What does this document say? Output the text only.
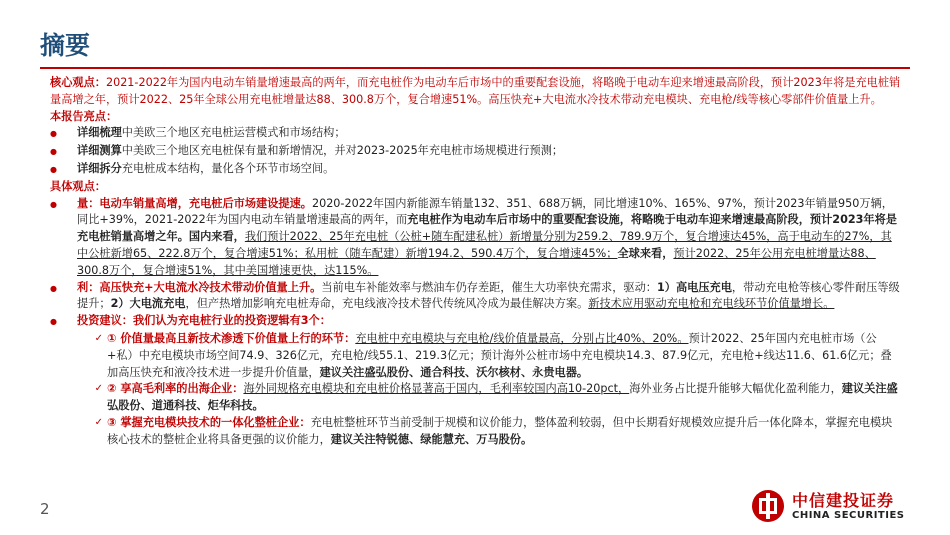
摘要

核心观点：2021-2022年为国内电动车销量增速最高的两年，而充电桩作为电动车后市场中的重要配套设施，将略晚于电动车迎来增速最高阶段，预计2023年将是充电桩销量高增之年，预计2022、25年全球公用充电桩增量达88、300.8万个，复合增速51%。高压快充+大电流水冷技术带动充电模块、充电枪/线等核心零部件价值量上升。

本报告亮点：

●	详细梳理中美欧三个地区充电桩运营模式和市场结构；
●	详细测算中美欧三个地区充电桩保有量和新增情况，并对2023-2025年充电桩市场规模进行预测；
●	详细拆分充电桩成本结构，量化各个环节市场空间。

具体观点：

●	量：电动车销量高增，充电桩后市场建设提速。2020-2022年国内新能源车销量132、351、688万辆，同比增速10%、165%、97%，预计2023年销量950万辆，同比+39%，2021-2022年为国内电动车销量增速最高的两年，而充电桩作为电动车后市场中的重要配套设施，将略晚于电动车迎来增速最高阶段，预计2023年将是充电桩销量高增之年。国内来看，我们预计2022、25年充电桩（公桩+随车配建私桩）新增量分别为259.2、789.9万个，复合增速达45%，高于电动车的27%，其中公桩新增65、222.8万个，复合增速51%；私用桩（随车配建）新增194.2、590.4万个，复合增速45%；全球来看，预计2022、25年公用充电桩增量达88、300.8万个，复合增速51%，其中美国增速更快，达115%。
●	利：高压快充+大电流水冷技术带动价值量上升。当前电车补能效率与燃油车仍存差距，催生大功率快充需求，驱动：1）高电压充电，带动充电枪等核心零件耐压等级提升；2）大电流充电，但产热增加影响充电桩寿命，充电线液冷技术替代传统风冷成为最佳解决方案。新技术应用驱动充电枪和充电线环节价值量增长。
●	投资建议：我们认为充电桩行业的投资逻辑有3个：
✓ ① 价值量最高且新技术渗透下价值量上行的环节：充电桩中充电模块与充电枪/线价值量最高，分别占比40%、20%。预计2022、25年国内充电桩市场（公+私）中充电模块市场空间74.9、326亿元，充电枪/线55.1、219.3亿元；预计海外公桩市场中充电模块14.3、87.9亿元，充电枪+线达11.6、61.6亿元；叠加高压快充和液冷技术进一步提升价值量，建议关注盛弘股份、通合科技、沃尔核材、永贵电器。
✓ ② 享高毛利率的出海企业：海外同规格充电模块和充电桩价格显著高于国内，毛利率较国内高10-20pct，海外业务占比提升能够大幅优化盈利能力，建议关注盛弘股份、道通科技、炬华科技。
✓ ③ 掌握充电模块技术的一体化整桩企业：充电桩整桩环节当前受制于规模和议价能力，整体盈利较弱，但中长期看好规模效应提升后一体化降本，掌握充电模块核心技术的整桩企业将具备更强的议价能力，建议关注特锐德、绿能慧充、万马股份。
2	中信建投证券
CHINA SECURITIES
